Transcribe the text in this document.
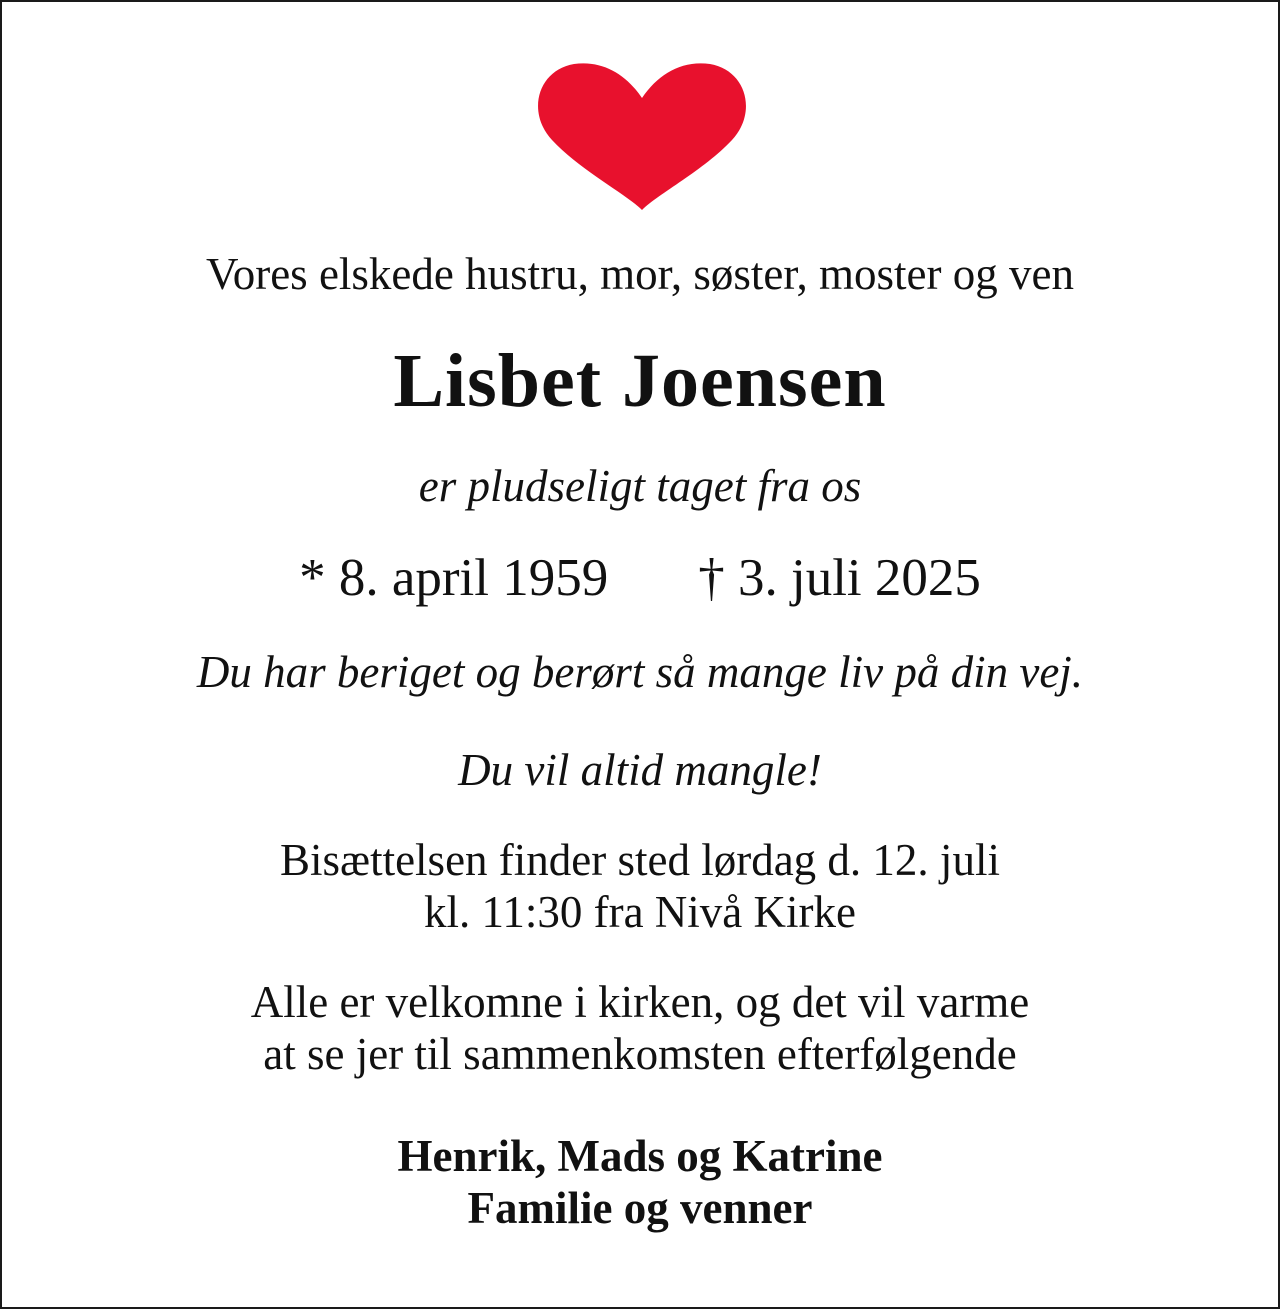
Vores elskede hustru, mor, søster, moster og ven
Lisbet Joensen
er pludseligt taget fra os
* 8. april 1959 † 3. juli 2025
Du har beriget og berørt så mange liv på din vej.
Du vil altid mangle!
Bisættelsen finder sted lørdag d. 12. juli
kl. 11:30 fra Nivå Kirke
Alle er velkomne i kirken, og det vil varme
at se jer til sammenkomsten efterfølgende
Henrik, Mads og Katrine
Familie og venner
